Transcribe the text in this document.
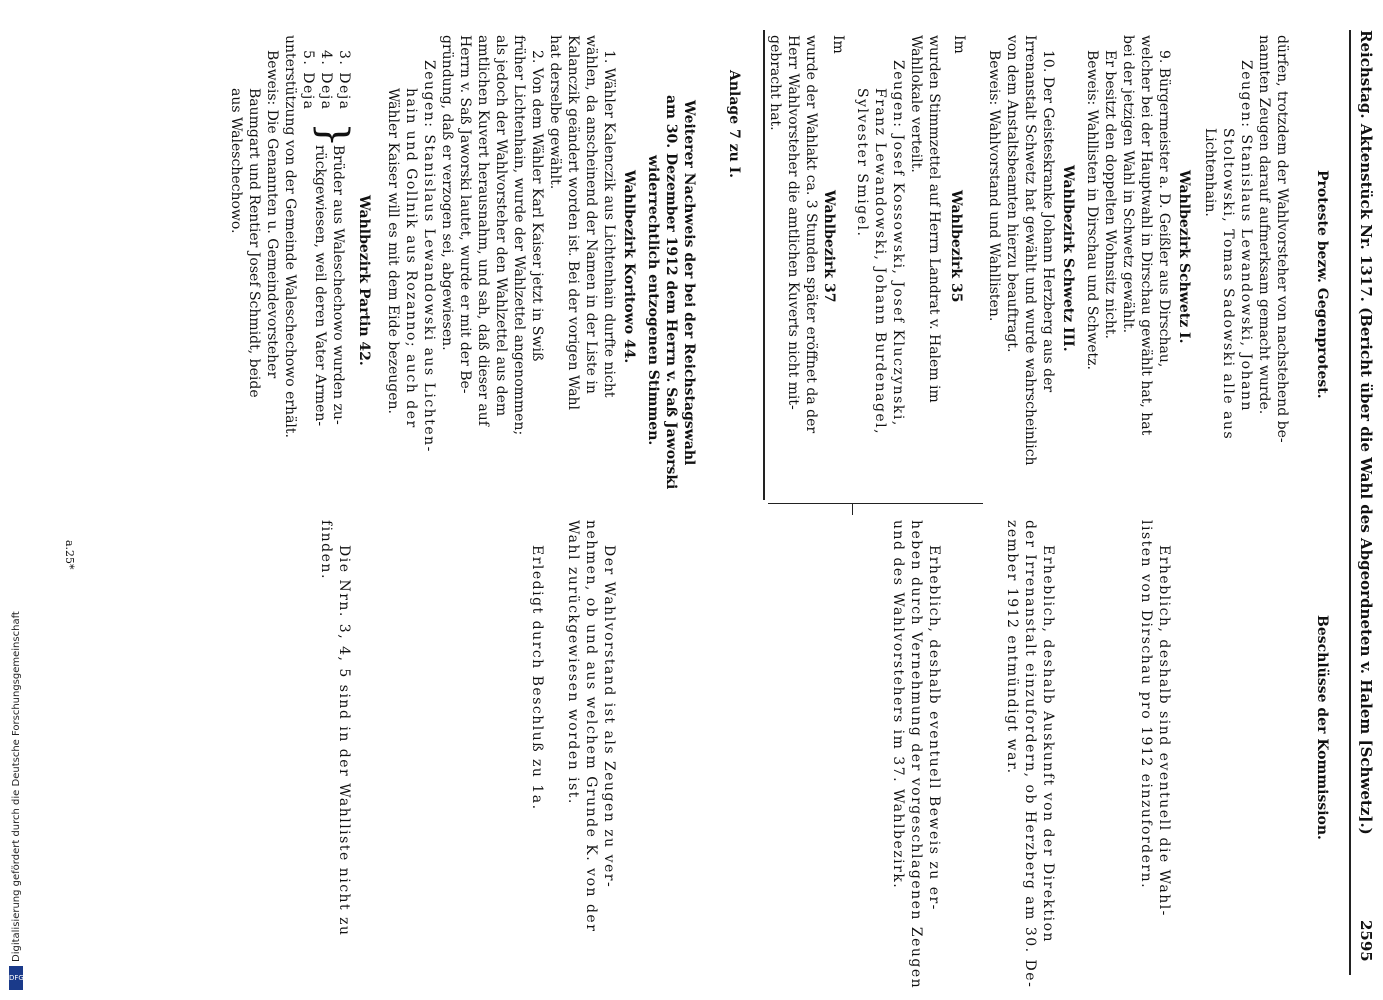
Reichstag. Aktenstück Nr. 1317. (Bericht über die Wahl des Abgeordneten v. Halem [Schwetz].)
2595
Proteste bezw. Gegenprotest.
Beschlüsse der Kommission.
dürfen, trotzdem der Wahlvorsteher von nachstehend be-
nannten Zeugen darauf aufmerksam gemacht wurde.
Zeugen: Stanislaus Lewandowski, Johann
Stoltowski, Tomas Sadowski alle aus
Lichtenhain.
Wahlbezirk Schwetz I.
9. Bürgermeister a. D. Geißler aus Dirschau,
welcher bei der Hauptwahl in Dirschau gewählt hat, hat
bei der jetzigen Wahl in Schwetz gewählt.
Er besitzt den doppelten Wohnsitz nicht.
Beweis: Wahllisten in Dirschau und Schwetz.
Wahlbezirk Schwetz III.
10. Der Geisteskranke Johann Herzberg aus der
Irrenanstalt Schwetz hat gewählt und wurde wahrscheinlich
von dem Anstaltsbeamten hierzu beauftragt.
Beweis: Wahlvorstand und Wahllisten.
Im
Wahlbezirk 35
wurden Stimmzettel auf Herrn Landrat v. Halem im
Wahllokale verteilt.
Zeugen: Josef Kossowski, Josef Kluczynski,
Franz Lewandowski, Johann Burdenagel,
Sylvester Smigel.
Im
Wahlbezirk 37
wurde der Wahlakt ca. 3 Stunden später eröffnet da der
Herr Wahlvorsteher die amtlichen Kuverts nicht mit-
gebracht hat.
Anlage 7 zu I.
Weiterer Nachweis der bei der Reichstagswahl
am 30. Dezember 1912 dem Herrn v. Saß Jaworski
widerrechtlich entzogenen Stimmen.
Wahlbezirk Koritowo 44.
1. Wähler Kalenczik aus Lichtenhain durfte nicht
wählen, da anscheinend der Namen in der Liste in
Kalanczik geändert worden ist. Bei der vorigen Wahl
hat derselbe gewählt.
2. Von dem Wähler Karl Kaiser jetzt in Swiß
früher Lichtenhain, wurde der Wahlzettel angenommen;
als jedoch der Wahlvorsteher den Wahlzettel aus dem
amtlichen Kuvert herausnahm, und sah, daß dieser auf
Herrn v. Saß Jaworski lautet, wurde er mit der Be-
gründung, daß er verzogen sei, abgewiesen.
Zeugen: Stanislaus Lewandowski aus Lichten-
hain und Gollnik aus Rozanno; auch der
Wähler Kaiser will es mit dem Eide bezeugen.
Wahlbezirk Partin 42.
3. Deja
4. Deja
5. Deja
}
Brüder aus Waleschechowo wurden zu-
rückgewiesen, weil deren Vater Armen-
unterstützung von der Gemeinde Waleschechowo erhält.
Beweis: Die Genannten u. Gemeindevorsteher
Baumgart und Rentier Josef Schmidt, beide
aus Waleschechowo.
Erheblich, deshalb sind eventuell die Wahl-
listen von Dirschau pro 1912 einzufordern.
Erheblich, deshalb Auskunft von der Direktion
der Irrenanstalt einzufordern, ob Herzberg am 30. De-
zember 1912 entmündigt war.
Erheblich, deshalb eventuell Beweis zu er-
heben durch Vernehmung der vorgeschlagenen Zeugen
und des Wahlvorstehers im 37. Wahlbezirk.
Der Wahlvorstand ist als Zeugen zu ver-
nehmen, ob und aus welchem Grunde K. von der
Wahl zurückgewiesen worden ist.
Erledigt durch Beschluß zu 1a.
Die Nrn. 3, 4, 5 sind in der Wahlliste nicht zu
finden.
a.25*
Digitalisierung gefördert durch die Deutsche Forschungsgemeinschaft
DFG
